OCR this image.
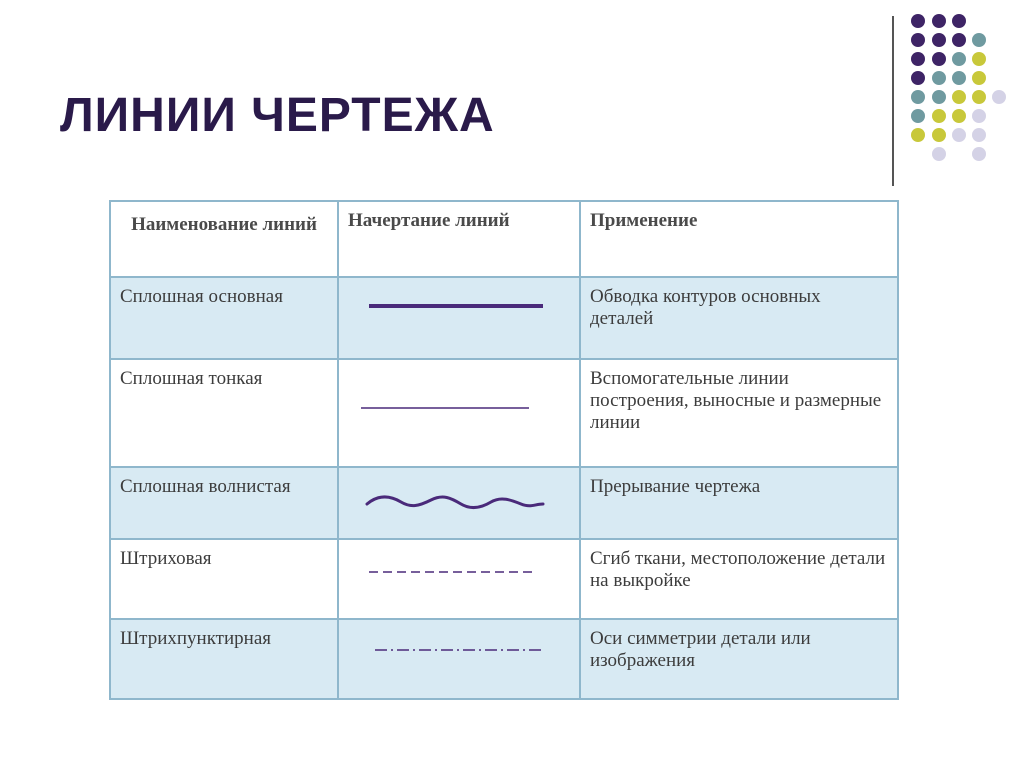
ЛИНИИ ЧЕРТЕЖА
Наименование линий	Начертание линий	Применение
Сплошная основная		Обводка контуров основных деталей
Сплошная тонкая		Вспомогательные линии построения, выносные и размерные линии
Сплошная волнистая		Прерывание чертежа
Штриховая		Сгиб ткани, местоположение детали на выкройке
Штрихпунктирная		Оси симметрии детали или изображения
